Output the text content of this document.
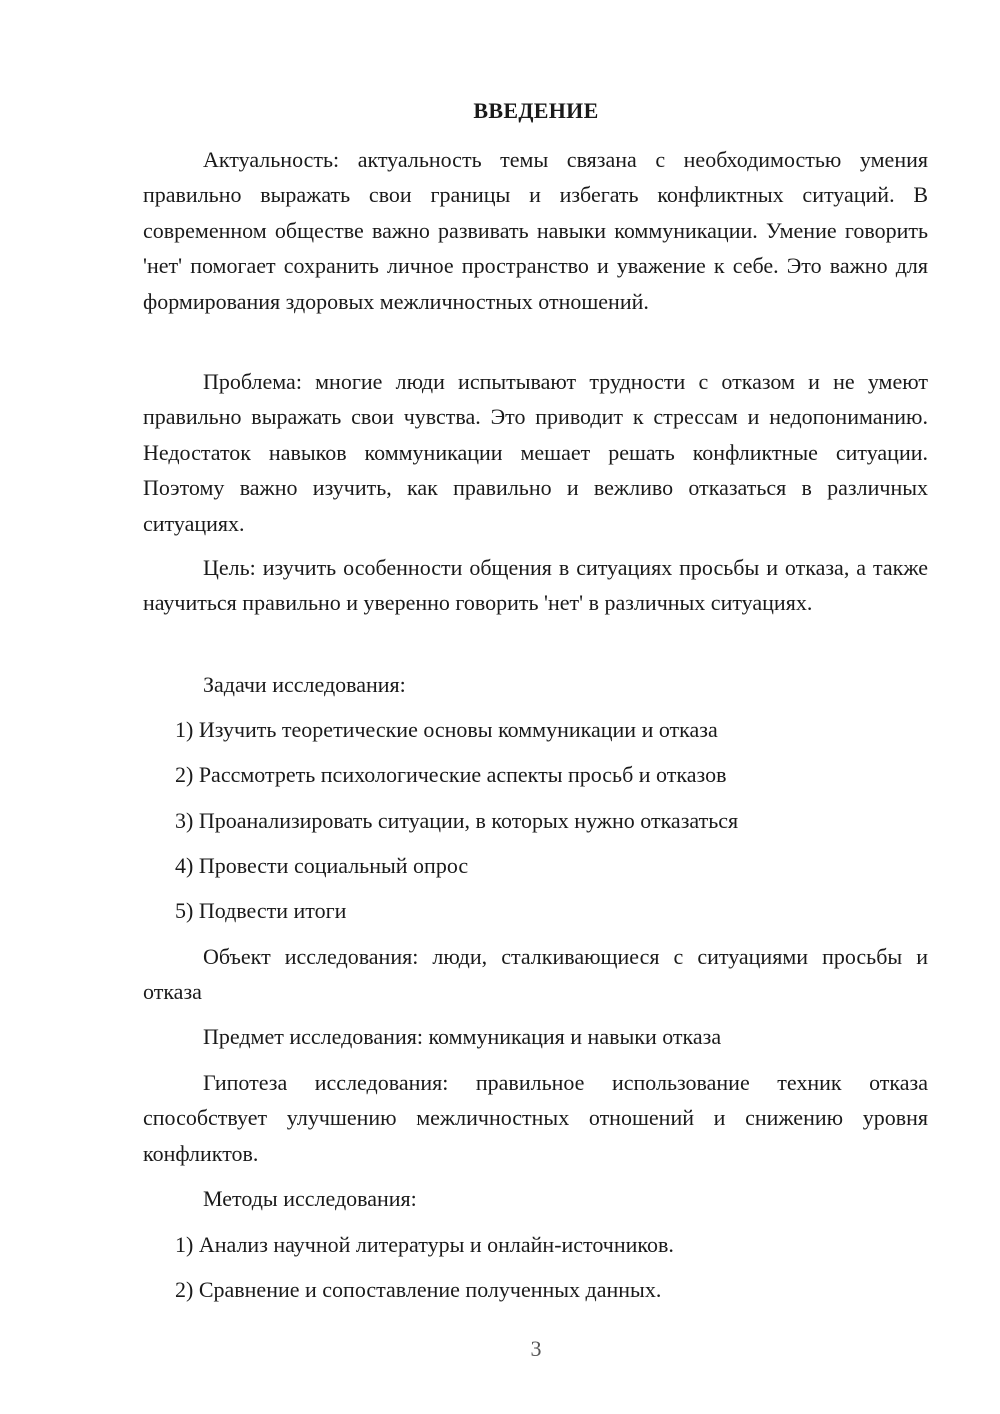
ВВЕДЕНИЕ

Актуальность: актуальность темы связана с необходимостью умения правильно выражать свои границы и избегать конфликтных ситуаций. В современном обществе важно развивать навыки коммуникации. Умение говорить 'нет' помогает сохранить личное пространство и уважение к себе. Это важно для формирования здоровых межличностных отношений.

Проблема: многие люди испытывают трудности с отказом и не умеют правильно выражать свои чувства. Это приводит к стрессам и недопониманию. Недостаток навыков коммуникации мешает решать конфликтные ситуации. Поэтому важно изучить, как правильно и вежливо отказаться в различных ситуациях.

Цель: изучить особенности общения в ситуациях просьбы и отказа, а также научиться правильно и уверенно говорить 'нет' в различных ситуациях.

Задачи исследования:

1) Изучить теоретические основы коммуникации и отказа

2) Рассмотреть психологические аспекты просьб и отказов

3) Проанализировать ситуации, в которых нужно отказаться

4) Провести социальный опрос

5) Подвести итоги

Объект исследования: люди, сталкивающиеся с ситуациями просьбы и отказа

Предмет исследования: коммуникация и навыки отказа

Гипотеза исследования: правильное использование техник отказа способствует улучшению межличностных отношений и снижению уровня конфликтов.

Методы исследования:

1) Анализ научной литературы и онлайн-источников.

2) Сравнение и сопоставление полученных данных.

3
